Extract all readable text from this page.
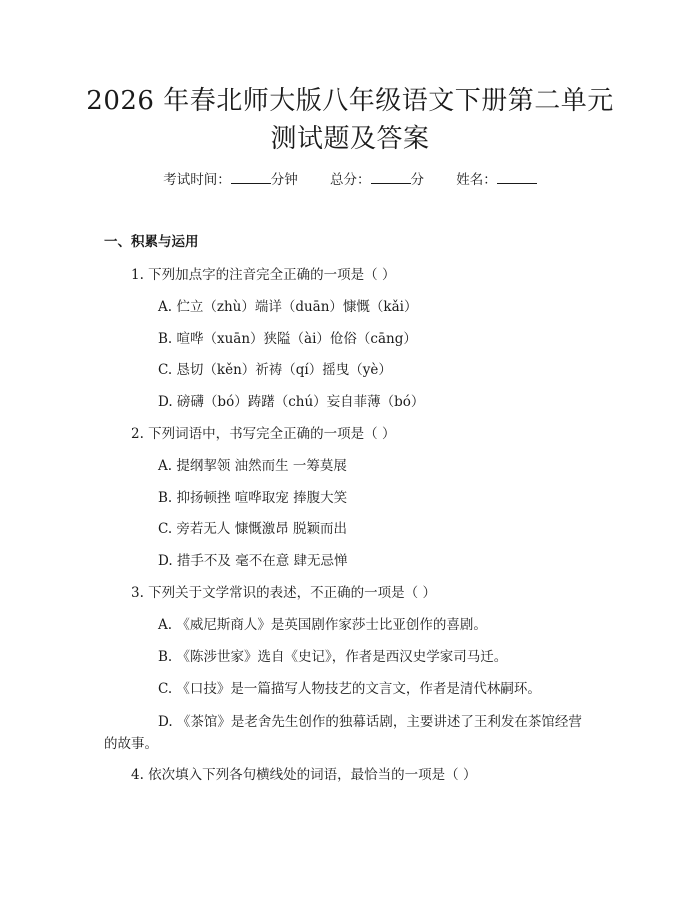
2026 年春北师大版八年级语文下册第二单元
测试题及答案
考试时间：	分钟 总分：	分 姓名：
一、积累与运用
1. 下列加点字的注音完全正确的一项是（ ）
A. 伫立（zhù）端详（duān）慷慨（kǎi）
B. 喧哗（xuān）狭隘（ài）伧俗（cāng）
C. 恳切（kěn）祈祷（qí）摇曳（yè）
D. 磅礴（bó）踌躇（chú）妄自菲薄（bó）
2. 下列词语中，书写完全正确的一项是（ ）
A. 提纲挈领 油然而生 一筹莫展
B. 抑扬顿挫 喧哗取宠 捧腹大笑
C. 旁若无人 慷慨激昂 脱颖而出
D. 措手不及 毫不在意 肆无忌惮
3. 下列关于文学常识的表述，不正确的一项是（ ）
A. 《威尼斯商人》是英国剧作家莎士比亚创作的喜剧。
B. 《陈涉世家》选自《史记》，作者是西汉史学家司马迁。
C. 《口技》是一篇描写人物技艺的文言文，作者是清代林嗣环。
D. 《茶馆》是老舍先生创作的独幕话剧，主要讲述了王利发在茶馆经营
的故事。
4. 依次填入下列各句横线处的词语，最恰当的一项是（ ）
